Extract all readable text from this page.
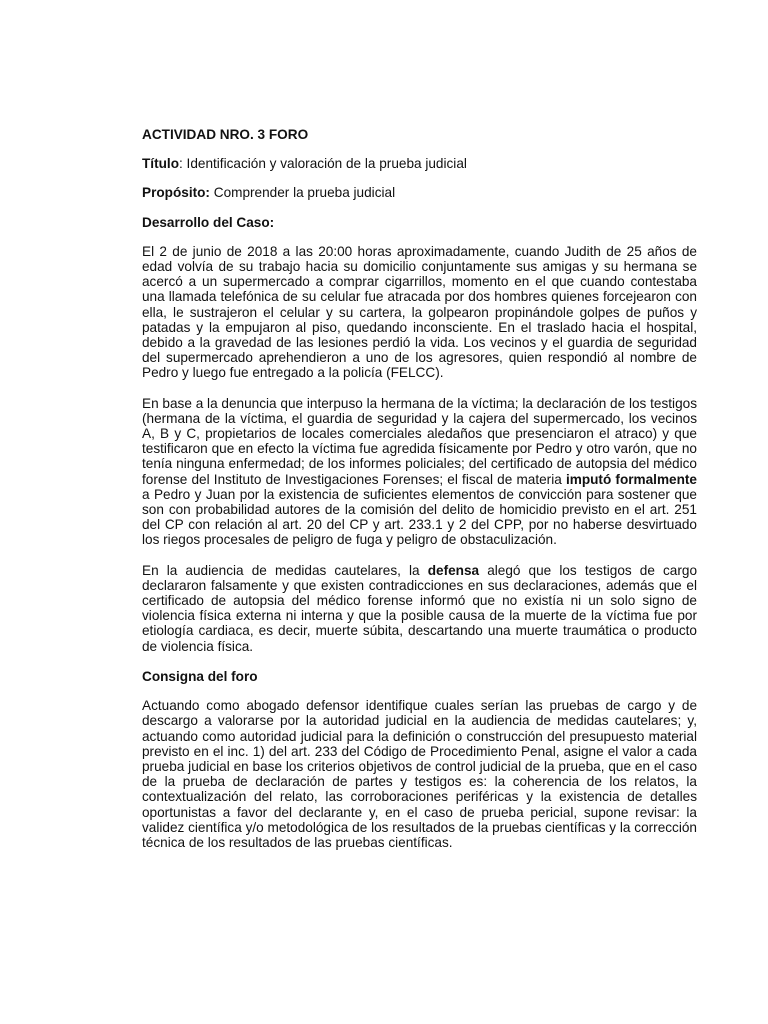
ACTIVIDAD NRO. 3 FORO
Título: Identificación y valoración de la prueba judicial
Propósito: Comprender la prueba judicial
Desarrollo del Caso:

El 2 de junio de 2018 a las 20:00 horas aproximadamente, cuando Judith de 25 años de edad volvía de su trabajo hacia su domicilio conjuntamente sus amigas y su hermana se acercó a un supermercado a comprar cigarrillos, momento en el que cuando contestaba una llamada telefónica de su celular fue atracada por dos hombres quienes forcejearon con ella, le sustrajeron el celular y su cartera, la golpearon propinándole golpes de puños y patadas y la empujaron al piso, quedando inconsciente. En el traslado hacia el hospital, debido a la gravedad de las lesiones perdió la vida. Los vecinos y el guardia de seguridad del supermercado aprehendieron a uno de los agresores, quien respondió al nombre de Pedro y luego fue entregado a la policía (FELCC).

En base a la denuncia que interpuso la hermana de la víctima; la declaración de los testigos (hermana de la víctima, el guardia de seguridad y la cajera del supermercado, los vecinos A, B y C, propietarios de locales comerciales aledaños que presenciaron el atraco) y que testificaron que en efecto la víctima fue agredida físicamente por Pedro y otro varón, que no tenía ninguna enfermedad; de los informes policiales; del certificado de autopsia del médico forense del Instituto de Investigaciones Forenses; el fiscal de materia imputó formalmente a Pedro y Juan por la existencia de suficientes elementos de convicción para sostener que son con probabilidad autores de la comisión del delito de homicidio previsto en el art. 251 del CP con relación al art. 20 del CP y art. 233.1 y 2 del CPP, por no haberse desvirtuado los riegos procesales de peligro de fuga y peligro de obstaculización.

En la audiencia de medidas cautelares, la defensa alegó que los testigos de cargo declararon falsamente y que existen contradicciones en sus declaraciones, además que el certificado de autopsia del médico forense informó que no existía ni un solo signo de violencia física externa ni interna y que la posible causa de la muerte de la víctima fue por etiología cardiaca, es decir, muerte súbita, descartando una muerte traumática o producto de violencia física.

Consigna del foro

Actuando como abogado defensor identifique cuales serían las pruebas de cargo y de descargo a valorarse por la autoridad judicial en la audiencia de medidas cautelares; y, actuando como autoridad judicial para la definición o construcción del presupuesto material previsto en el inc. 1) del art. 233 del Código de Procedimiento Penal, asigne el valor a cada prueba judicial en base los criterios objetivos de control judicial de la prueba, que en el caso de la prueba de declaración de partes y testigos es: la coherencia de los relatos, la contextualización del relato, las corroboraciones periféricas y la existencia de detalles oportunistas a favor del declarante y, en el caso de prueba pericial, supone revisar: la validez científica y/o metodológica de los resultados de la pruebas científicas y la corrección técnica de los resultados de las pruebas científicas.
